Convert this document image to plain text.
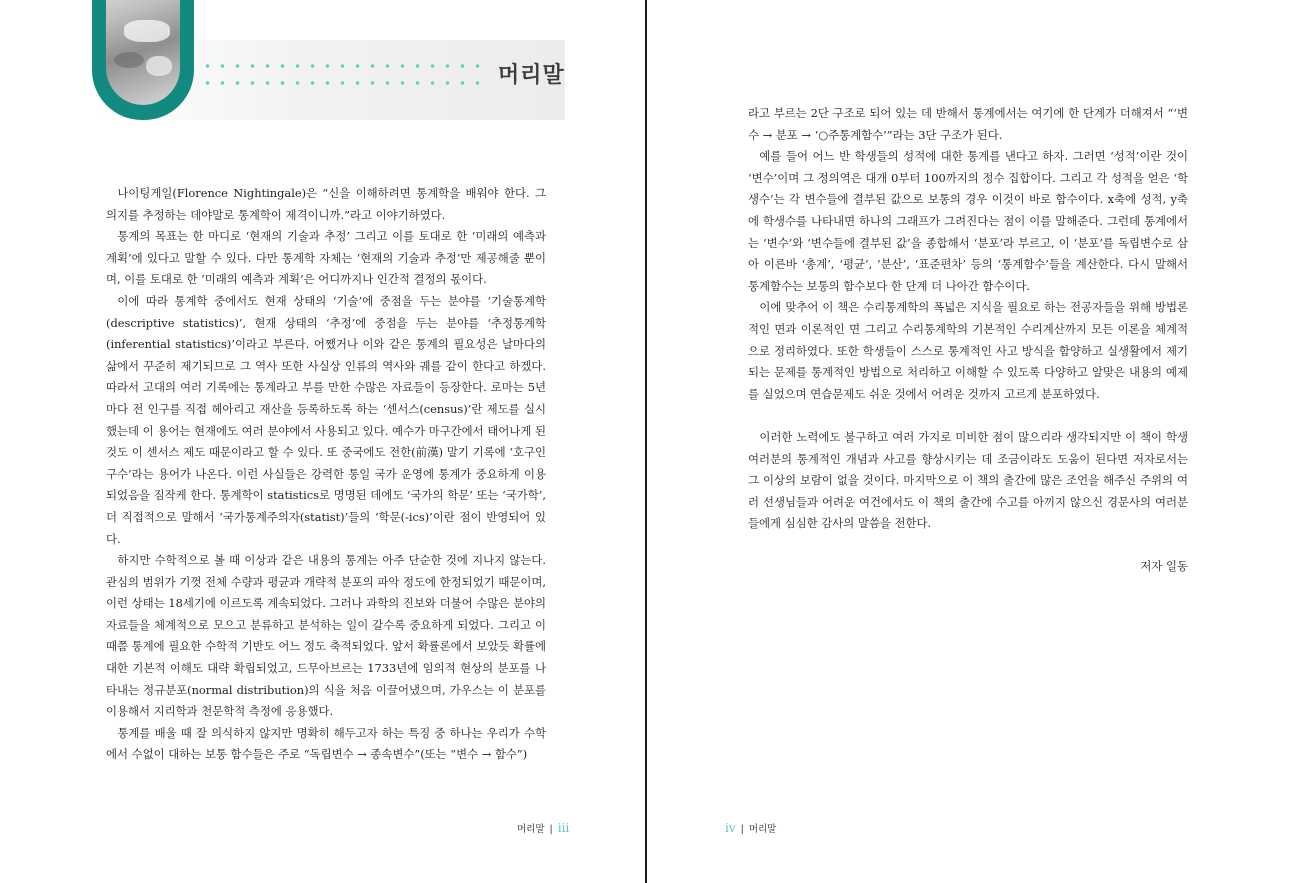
머리말

나이팅게일(Florence Nightingale)은 “신을 이해하려면 통계학을 배워야 한다. 그 의지를 추정하는 데야말로 통계학이 제격이니까.”라고 이야기하였다.

통계의 목표는 한 마디로 ‘현재의 기술과 추정’ 그리고 이를 토대로 한 ‘미래의 예측과 계획’에 있다고 말할 수 있다. 다만 통계학 자체는 ‘현재의 기술과 추정’만 제공해줄 뿐이며, 이를 토대로 한 ‘미래의 예측과 계획’은 어디까지나 인간적 결정의 몫이다.

이에 따라 통계학 중에서도 현재 상태의 ‘기술’에 중점을 두는 분야를 ‘기술통계학(descriptive statistics)’, 현재 상태의 ‘추정’에 중점을 두는 분야를 ‘추정통계학(inferential statistics)’이라고 부른다. 어쨌거나 이와 같은 통계의 필요성은 날마다의 삶에서 꾸준히 제기되므로 그 역사 또한 사실상 인류의 역사와 궤를 같이 한다고 하겠다. 따라서 고대의 여러 기록에는 통계라고 부를 만한 수많은 자료들이 등장한다. 로마는 5년마다 전 인구를 직접 헤아리고 재산을 등록하도록 하는 ‘센서스(census)’란 제도를 실시했는데 이 용어는 현재에도 여러 분야에서 사용되고 있다. 예수가 마구간에서 태어나게 된 것도 이 센서스 제도 때문이라고 할 수 있다. 또 중국에도 전한(前漢) 말기 기록에 ‘호구인구수’라는 용어가 나온다. 이런 사실들은 강력한 통일 국가 운영에 통계가 중요하게 이용되었음을 짐작케 한다. 통계학이 statistics로 명명된 데에도 ‘국가의 학문’ 또는 ‘국가학’, 더 직접적으로 말해서 ‘국가통계주의자(statist)’들의 ‘학문(-ics)’이란 점이 반영되어 있다.

하지만 수학적으로 볼 때 이상과 같은 내용의 통계는 아주 단순한 것에 지나지 않는다. 관심의 범위가 기껏 전체 수량과 평균과 개략적 분포의 파악 정도에 한정되었기 때문이며, 이런 상태는 18세기에 이르도록 계속되었다. 그러나 과학의 진보와 더불어 수많은 분야의 자료들을 체계적으로 모으고 분류하고 분석하는 일이 갈수록 중요하게 되었다. 그리고 이때쯤 통계에 필요한 수학적 기반도 어느 정도 축적되었다. 앞서 확률론에서 보았듯 확률에 대한 기본적 이해도 대략 확립되었고, 드무아브르는 1733년에 임의적 현상의 분포를 나타내는 정규분포(normal distribution)의 식을 처음 이끌어냈으며, 가우스는 이 분포를 이용해서 지리학과 천문학적 측정에 응용했다.

통계를 배울 때 잘 의식하지 않지만 명확히 해두고자 하는 특징 중 하나는 우리가 수학에서 수없이 대하는 보통 함수들은 주로 “독립변수 → 종속변수”(또는 “변수 → 함수”)

머리말 | iii

라고 부르는 2단 구조로 되어 있는 데 반해서 통계에서는 여기에 한 단계가 더해져서 “‘변수 → 분포 → ‘○주통계함수’”라는 3단 구조가 된다.

예를 들어 어느 반 학생들의 성적에 대한 통계를 낸다고 하자. 그러면 ‘성적’이란 것이 ‘변수’이며 그 정의역은 대개 0부터 100까지의 정수 집합이다. 그리고 각 성적을 얻은 ‘학생수’는 각 변수들에 결부된 값으로 보통의 경우 이것이 바로 함수이다. x축에 성적, y축에 학생수를 나타내면 하나의 그래프가 그려진다는 점이 이를 말해준다. 그런데 통계에서는 ‘변수’와 ‘변수들에 결부된 값’을 종합해서 ‘분포’라 부르고, 이 ‘분포’를 독립변수로 삼아 이른바 ‘총계’, ‘평균’, ‘분산’, ‘표준편차’ 등의 ‘통계함수’들을 계산한다. 다시 말해서 통계함수는 보통의 함수보다 한 단계 더 나아간 함수이다.

이에 맞추어 이 책은 수리통계학의 폭넓은 지식을 필요로 하는 전공자들을 위해 방법론적인 면과 이론적인 면 그리고 수리통계학의 기본적인 수리계산까지 모든 이론을 체계적으로 정리하였다. 또한 학생들이 스스로 통계적인 사고 방식을 함양하고 실생활에서 제기되는 문제를 통계적인 방법으로 처리하고 이해할 수 있도록 다양하고 알맞은 내용의 예제를 실었으며 연습문제도 쉬운 것에서 어려운 것까지 고르게 분포하였다.

이러한 노력에도 불구하고 여러 가지로 미비한 점이 많으리라 생각되지만 이 책이 학생 여러분의 통계적인 개념과 사고를 향상시키는 데 조금이라도 도움이 된다면 저자로서는 그 이상의 보람이 없을 것이다. 마지막으로 이 책의 출간에 많은 조언을 해주신 주위의 여러 선생님들과 어려운 여건에서도 이 책의 출간에 수고를 아끼지 않으신 경문사의 여러분들에게 심심한 감사의 말씀을 전한다.

저자 일동

iv | 머리말
